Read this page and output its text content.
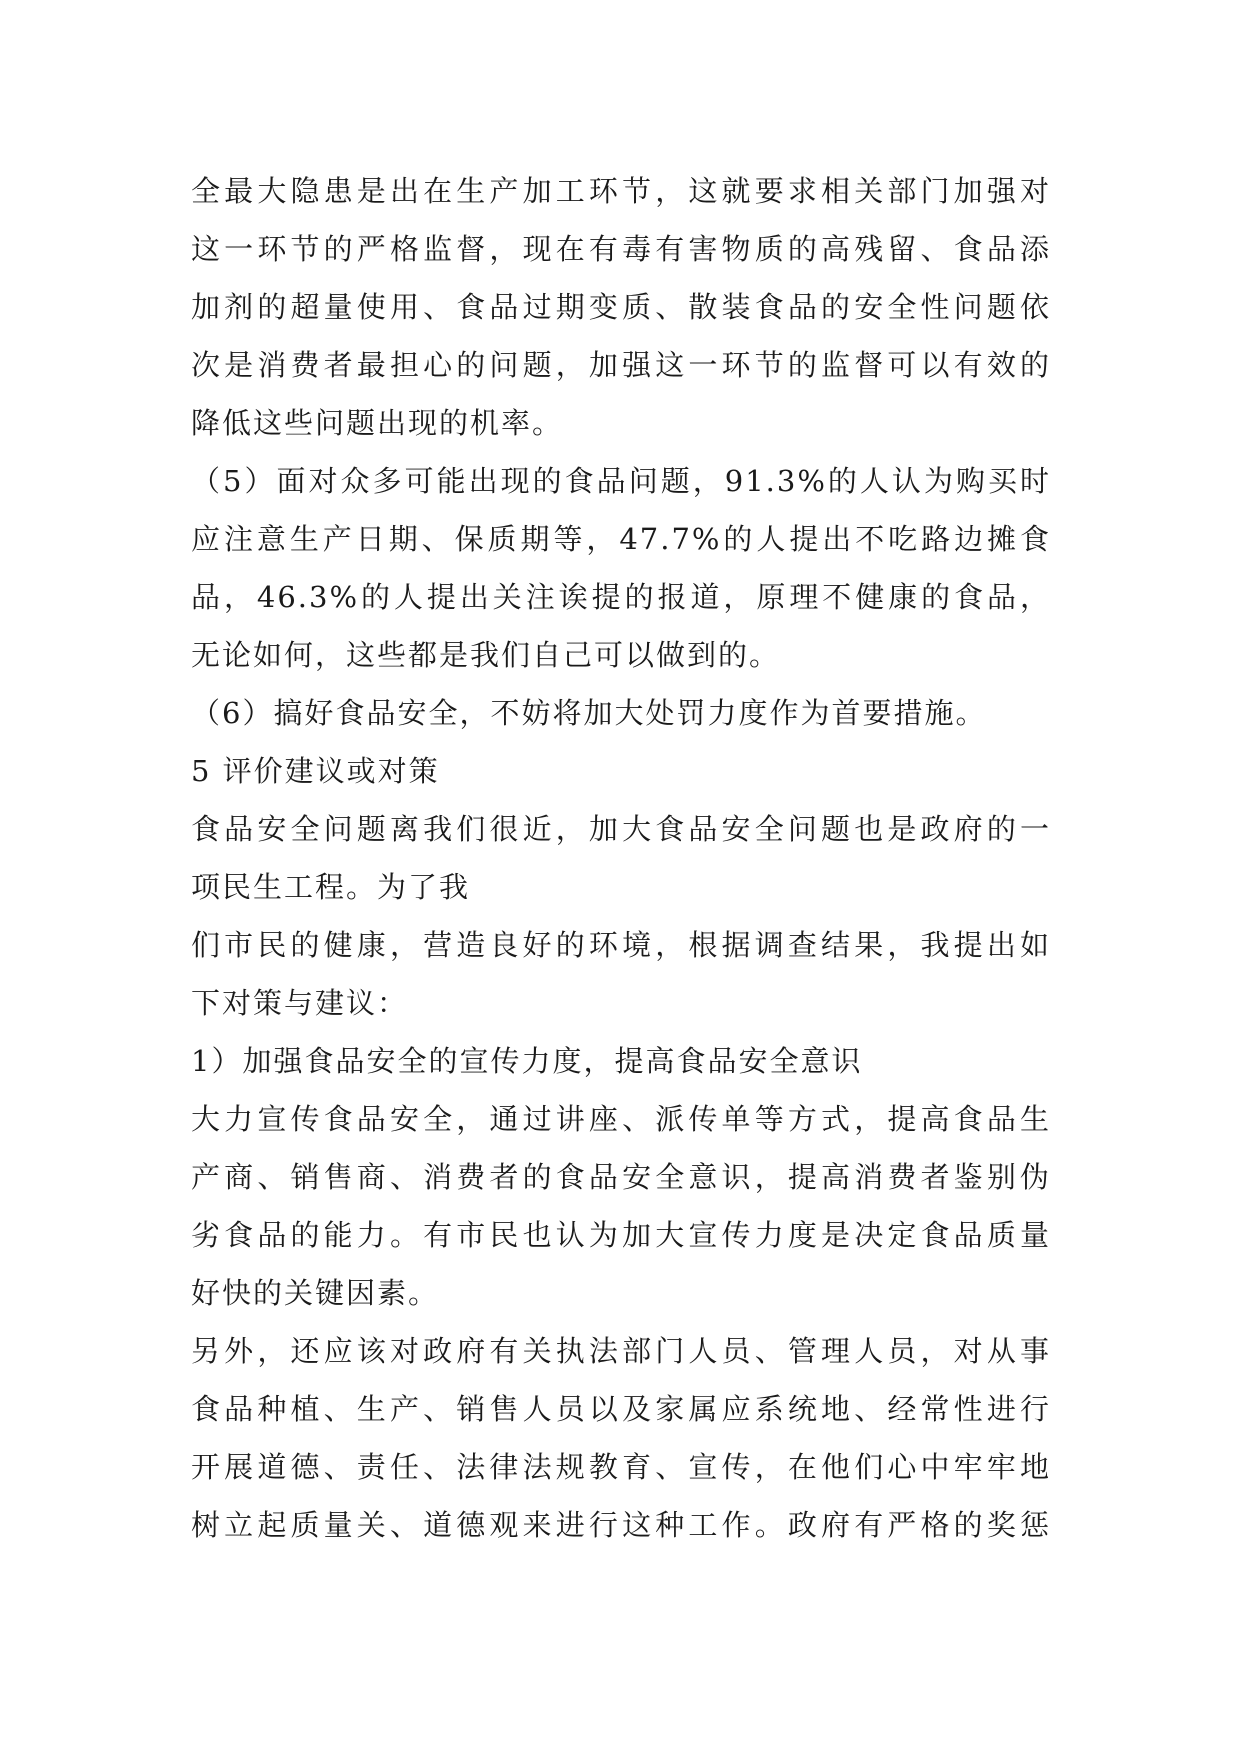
全最大隐患是出在生产加工环节，这就要求相关部门加强对
这一环节的严格监督，现在有毒有害物质的高残留、食品添
加剂的超量使用、食品过期变质、散装食品的安全性问题依
次是消费者最担心的问题，加强这一环节的监督可以有效的
降低这些问题出现的机率。
（5）面对众多可能出现的食品问题，91.3%的人认为购买时
应注意生产日期、保质期等，47.7%的人提出不吃路边摊食
品，46.3%的人提出关注诶提的报道，原理不健康的食品，
无论如何，这些都是我们自己可以做到的。
（6）搞好食品安全，不妨将加大处罚力度作为首要措施。
5 评价建议或对策
食品安全问题离我们很近，加大食品安全问题也是政府的一
项民生工程。为了我
们市民的健康，营造良好的环境，根据调查结果，我提出如
下对策与建议：
1）加强食品安全的宣传力度，提高食品安全意识
大力宣传食品安全，通过讲座、派传单等方式，提高食品生
产商、销售商、消费者的食品安全意识，提高消费者鉴别伪
劣食品的能力。有市民也认为加大宣传力度是决定食品质量
好快的关键因素。
另外，还应该对政府有关执法部门人员、管理人员，对从事
食品种植、生产、销售人员以及家属应系统地、经常性进行
开展道德、责任、法律法规教育、宣传，在他们心中牢牢地
树立起质量关、道德观来进行这种工作。政府有严格的奖惩
